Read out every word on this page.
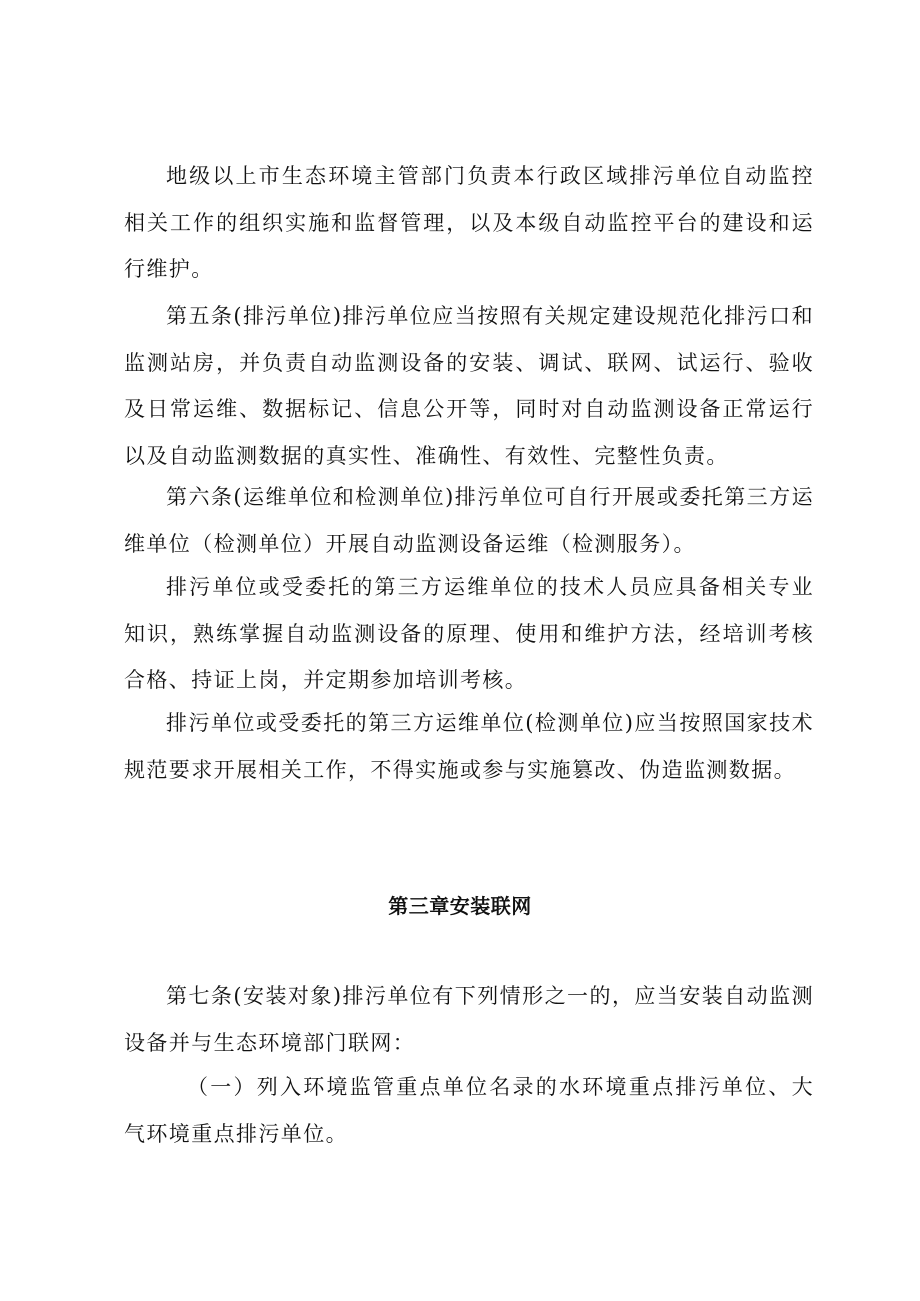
地级以上市生态环境主管部门负责本行政区域排污单位自动监控相关工作的组织实施和监督管理，以及本级自动监控平台的建设和运行维护。

第五条(排污单位)排污单位应当按照有关规定建设规范化排污口和监测站房，并负责自动监测设备的安装、调试、联网、试运行、验收及日常运维、数据标记、信息公开等，同时对自动监测设备正常运行以及自动监测数据的真实性、准确性、有效性、完整性负责。

第六条(运维单位和检测单位)排污单位可自行开展或委托第三方运维单位（检测单位）开展自动监测设备运维（检测服务）。

排污单位或受委托的第三方运维单位的技术人员应具备相关专业知识，熟练掌握自动监测设备的原理、使用和维护方法，经培训考核合格、持证上岗，并定期参加培训考核。

排污单位或受委托的第三方运维单位(检测单位)应当按照国家技术规范要求开展相关工作，不得实施或参与实施篡改、伪造监测数据。

第三章安装联网

第七条(安装对象)排污单位有下列情形之一的，应当安装自动监测设备并与生态环境部门联网：

（一）列入环境监管重点单位名录的水环境重点排污单位、大气环境重点排污单位。
